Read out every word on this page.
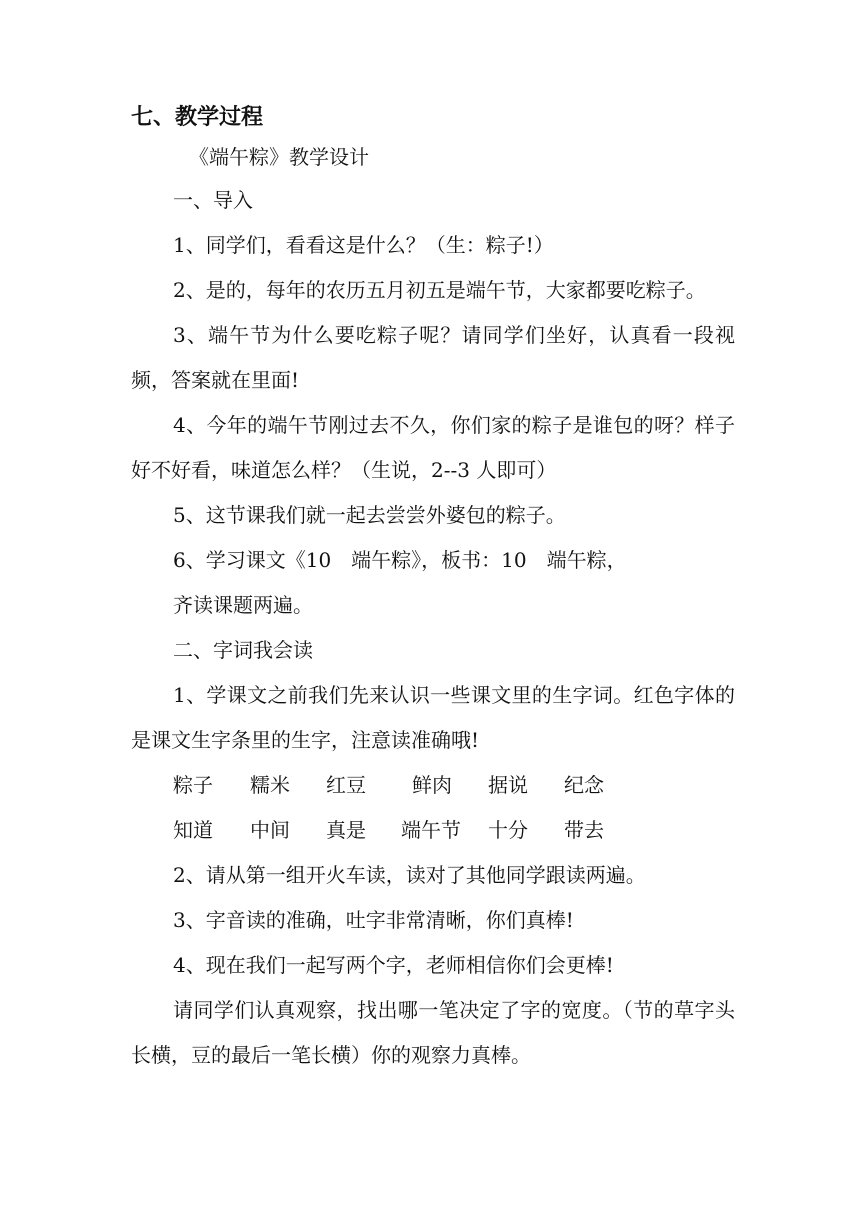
七、教学过程
《端午粽》教学设计
一、导入
1、同学们，看看这是什么？（生：粽子!）
2、是的，每年的农历五月初五是端午节，大家都要吃粽子。

3、端午节为什么要吃粽子呢？请同学们坐好，认真看一段视频，答案就在里面!

4、今年的端午节刚过去不久，你们家的粽子是谁包的呀？样子好不好看，味道怎么样？（生说，2--3 人即可）

5、这节课我们就一起去尝尝外婆包的粽子。
6、学习课文《10　端午粽》，板书：10　端午粽，
齐读课题两遍。
二、字词我会读

1、学课文之前我们先来认识一些课文里的生字词。红色字体的是课文生字条里的生字，注意读准确哦!

粽子 糯米 红豆 鲜肉 据说 纪念
知道 中间 真是 端午节 十分 带去
2、请从第一组开火车读，读对了其他同学跟读两遍。
3、字音读的准确，吐字非常清晰，你们真棒!
4、现在我们一起写两个字，老师相信你们会更棒!

请同学们认真观察，找出哪一笔决定了字的宽度。（节的草字头长横，豆的最后一笔长横）你的观察力真棒。
